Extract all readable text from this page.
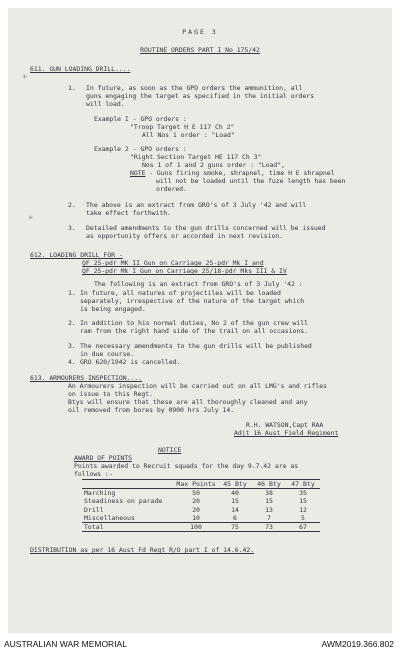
PAGE 3
ROUTINE ORDERS PART I No 175/42
611. GUN LOADING DRILL....
1. In future, as soon as the GPO orders the ammunition, all
guns engaging the target as specified in the initial orders
will load.
Example I - GPO orders :
"Troop Target H E 117 Ch 2"
All Nos 1 order : "Load"
Example 2 - GPO orders :
"Right Section Target HE 117 Ch 3"
Nos 1 of 1 and 2 guns order : "Load",
NOTE - Guns firing smoke, shrapnel, time H E shrapnel
will not be loaded until the fuze length has been
ordered.
2. The above is an extract from GRO's of 3 July '42 and will
take effect forthwith.
3. Detailed amendments to the gun drills concerned will be issued
as opportunity offers or accorded in next revision.
612. LOADING DRILL FOR -
QF 25-pdr MK II Gun on Carriage 25-pdr Mk I and
QF 25-pdr Mk I Gun on Carriage 25/18-pdr Mks III & IV
The following is an extract from GRO's of 3 July '42 :
1. In future, all natures of projectiles will be loaded
separately, irrespective of the nature of the target which
is being engaged.
2. In addition to his normal duties, No 2 of the gun crew will
ram from the right hand side of the trail on all occasions.
3. The necessary amendments to the gun drills will be published
in due course.
4. GRO 620/1942 is cancelled.
613. ARMOURERS INSPECTION....
An Armourers inspection will be carried out on all LMG's and rifles
on issue to this Regt.
Btys will ensure that these are all thoroughly cleaned and any
oil removed from bores by 0900 hrs July 14.
R.H. WATSON,Capt RAA
Adjt 16 Aust Field Regiment
NOTICE
AWARD OF POINTS
Points awarded to Recruit squads for the day 9.7.42 are as
follows :-
	Max Points	45 Bty	46 Bty	47 Bty
Marching	50	40	38	35
Steadiness on parade	20	15	15	15
Drill	20	14	13	12
Miscellaneous	10	6	7	5
Total	100	75	73	67
DISTRIBUTION as per 16 Aust Fd Regt R/O part I of 14.6.42.
*
*
AUSTRALIAN WAR MEMORIAL	AWM2019.366.802
